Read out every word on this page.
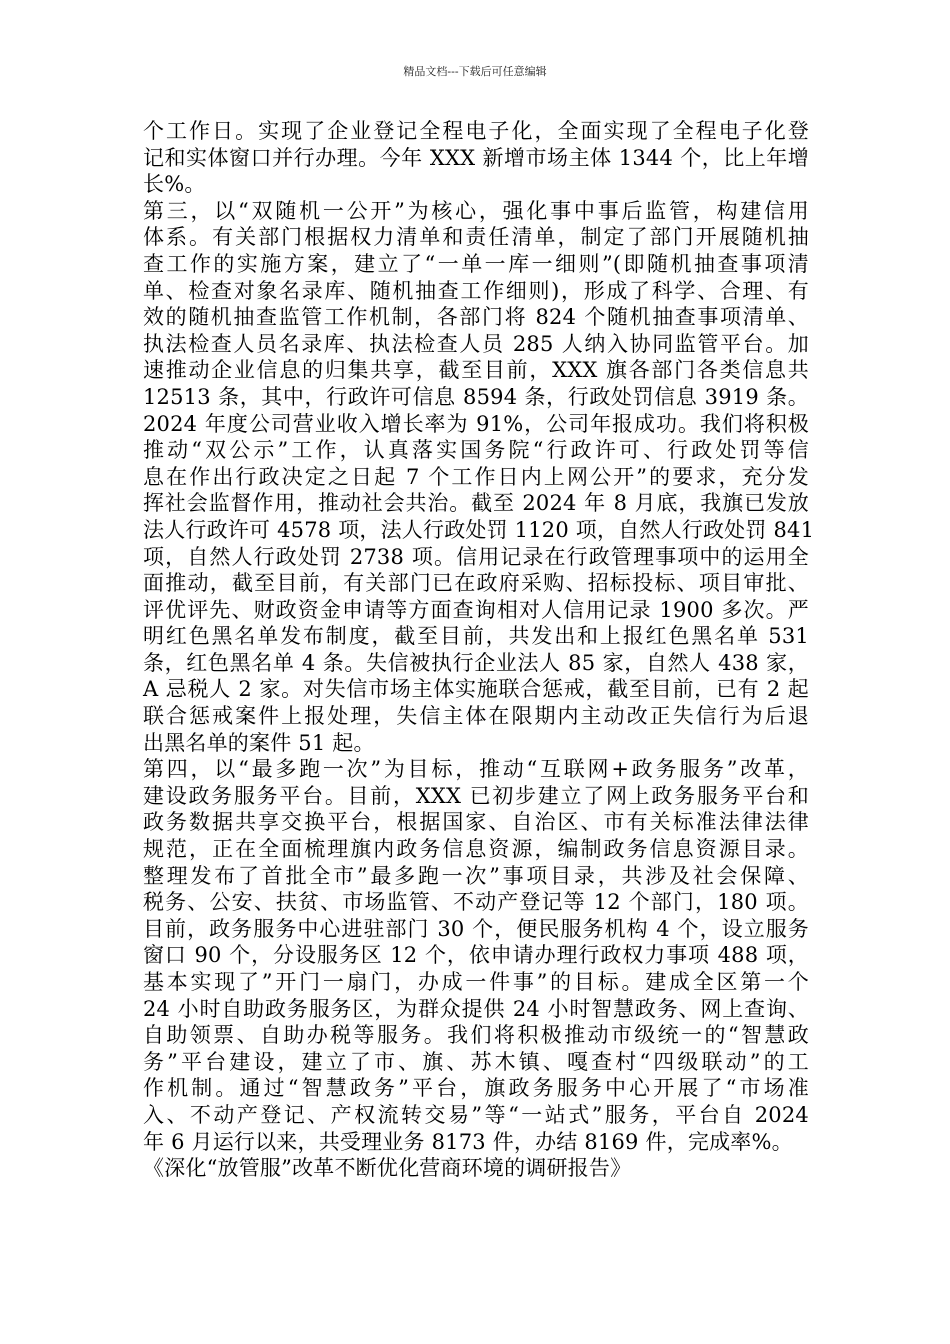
精品文档---下载后可任意编辑
个工作日。实现了企业登记全程电子化，全面实现了全程电子化登
记和实体窗口并行办理。今年 XXX 新增市场主体 1344 个，比上年增
长%。
第三，以“双随机一公开”为核心，强化事中事后监管，构建信用
体系。有关部门根据权力清单和责任清单，制定了部门开展随机抽
查工作的实施方案，建立了“一单一库一细则”(即随机抽查事项清
单、检查对象名录库、随机抽查工作细则)，形成了科学、合理、有
效的随机抽查监管工作机制，各部门将 824 个随机抽查事项清单、
执法检查人员名录库、执法检查人员 285 人纳入协同监管平台。加
速推动企业信息的归集共享，截至目前，XXX 旗各部门各类信息共
12513 条，其中，行政许可信息 8594 条，行政处罚信息 3919 条。
2024 年度公司营业收入增长率为 91%，公司年报成功。我们将积极
推动“双公示”工作，认真落实国务院“行政许可、行政处罚等信
息在作出行政决定之日起 7 个工作日内上网公开”的要求，充分发
挥社会监督作用，推动社会共治。截至 2024 年 8 月底，我旗已发放
法人行政许可 4578 项，法人行政处罚 1120 项，自然人行政处罚 841
项，自然人行政处罚 2738 项。信用记录在行政管理事项中的运用全
面推动，截至目前，有关部门已在政府采购、招标投标、项目审批、
评优评先、财政资金申请等方面查询相对人信用记录 1900 多次。严
明红色黑名单发布制度，截至目前，共发出和上报红色黑名单 531
条，红色黑名单 4 条。失信被执行企业法人 85 家，自然人 438 家，
A 忌税人 2 家。对失信市场主体实施联合惩戒，截至目前，已有 2 起
联合惩戒案件上报处理，失信主体在限期内主动改正失信行为后退
出黑名单的案件 51 起。
第四，以“最多跑一次”为目标，推动“互联网+政务服务”改革，
建设政务服务平台。目前，XXX 已初步建立了网上政务服务平台和
政务数据共享交换平台，根据国家、自治区、市有关标准法律法律
规范，正在全面梳理旗内政务信息资源，编制政务信息资源目录。
整理发布了首批全市”最多跑一次”事项目录，共涉及社会保障、
税务、公安、扶贫、市场监管、不动产登记等 12 个部门，180 项。
目前，政务服务中心进驻部门 30 个，便民服务机构 4 个，设立服务
窗口 90 个，分设服务区 12 个，依申请办理行政权力事项 488 项，
基本实现了”开门一扇门，办成一件事”的目标。建成全区第一个
24 小时自助政务服务区，为群众提供 24 小时智慧政务、网上查询、
自助领票、自助办税等服务。我们将积极推动市级统一的“智慧政
务”平台建设，建立了市、旗、苏木镇、嘎查村“四级联动”的工
作机制。通过“智慧政务”平台，旗政务服务中心开展了“市场准
入、不动产登记、产权流转交易”等“一站式”服务，平台自 2024
年 6 月运行以来，共受理业务 8173 件，办结 8169 件，完成率%。
《深化“放管服”改革不断优化营商环境的调研报告》
